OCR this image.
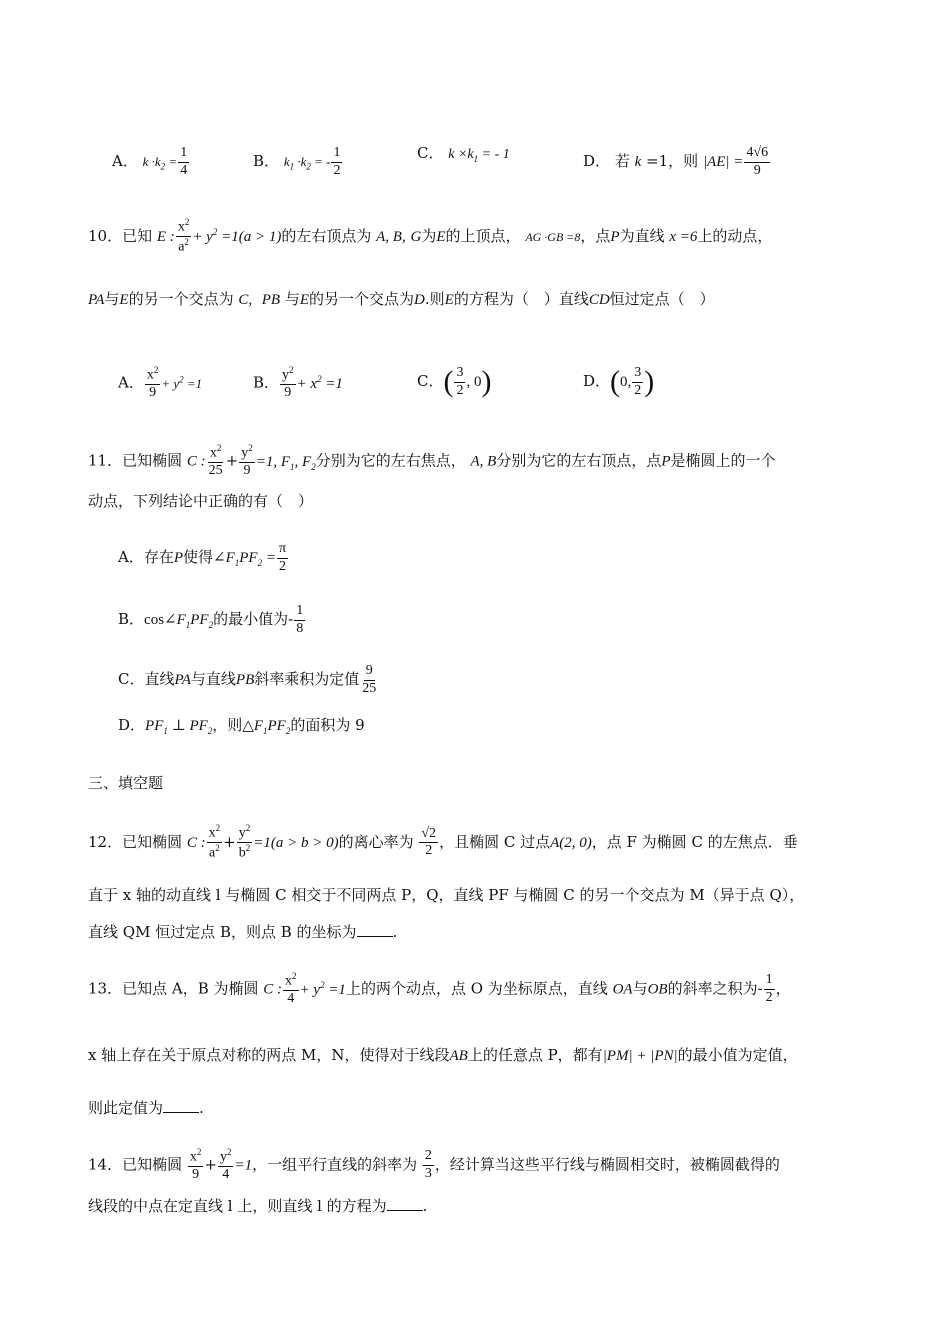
A． $k \cdot k_2 = \frac{1}{4}$	B． $k_1 \cdot k_2$ = - $\frac{1}{2}$	C． $k \times k_1$ = - 1	D． 若 k =1，则 $|AE| = \frac{4√6}{9}$
10．已知 E : $\frac{x^2}{a^2} + y^2 =1(a > 1)$的左右顶点为 A, B, G为E的上顶点， AG ·GB =8，点P为直线 x =6上的动点，
PA与E的另一个交点为 C, PB 与E的另一个交点为D.则E的方程为（　）直线CD恒过定点（　）
A． $\frac{x^2}{9} + y^2 =1$	B． $\frac{y^2}{9} + x^2 =1$	C．( $\frac{3}{2}$ , 0)	D．(0, $\frac{3}{2}$ )
11．已知椭圆 C : $\frac{x^2}{25} + \frac{y^2}{9} =1$, $F_1$, $F_2$分别为它的左右焦点， A, B分别为它的左右顶点，点P是椭圆上的一个
动点，下列结论中正确的有（　）
A．存在P使得$\angle F_1PF_2 = \frac{\pi}{2}$
B．$\cos\angle F_1PF_2$的最小值为- $\frac{1}{8}$
C．直线PA与直线PB斜率乘积为定值 $\frac{9}{25}$
D．$PF_1$ ⊥ $PF_2$，则$\triangle F_1PF_2$的面积为 9
三、填空题
12．已知椭圆 C : $\frac{x^2}{a^2} + \frac{y^2}{b^2} =1(a > b > 0)$的离心率为 $\frac{√2}{2}$ ，且椭圆 C 过点A(2, 0)，点 F 为椭圆 C 的左焦点．垂
直于 x 轴的动直线 l 与椭圆 C 相交于不同两点 P，Q，直线 PF 与椭圆 C 的另一个交点为 M（异于点 Q），
直线 QM 恒过定点 B，则点 B 的坐标为 .
13．已知点 A，B 为椭圆 C : $\frac{x^2}{4} + y^2 =1$上的两个动点，点 O 为坐标原点，直线 OA与OB的斜率之积为- $\frac{1}{2}$ ，
x 轴上存在关于原点对称的两点 M，N，使得对于线段AB上的任意点 P，都有|PM| + |PN|的最小值为定值，
则此定值为 .
14．已知椭圆 $\frac{x^2}{9} + \frac{y^2}{4} =1$，一组平行直线的斜率为 $\frac{2}{3}$ ，经计算当这些平行线与椭圆相交时，被椭圆截得的
线段的中点在定直线 l 上，则直线 l 的方程为 .
